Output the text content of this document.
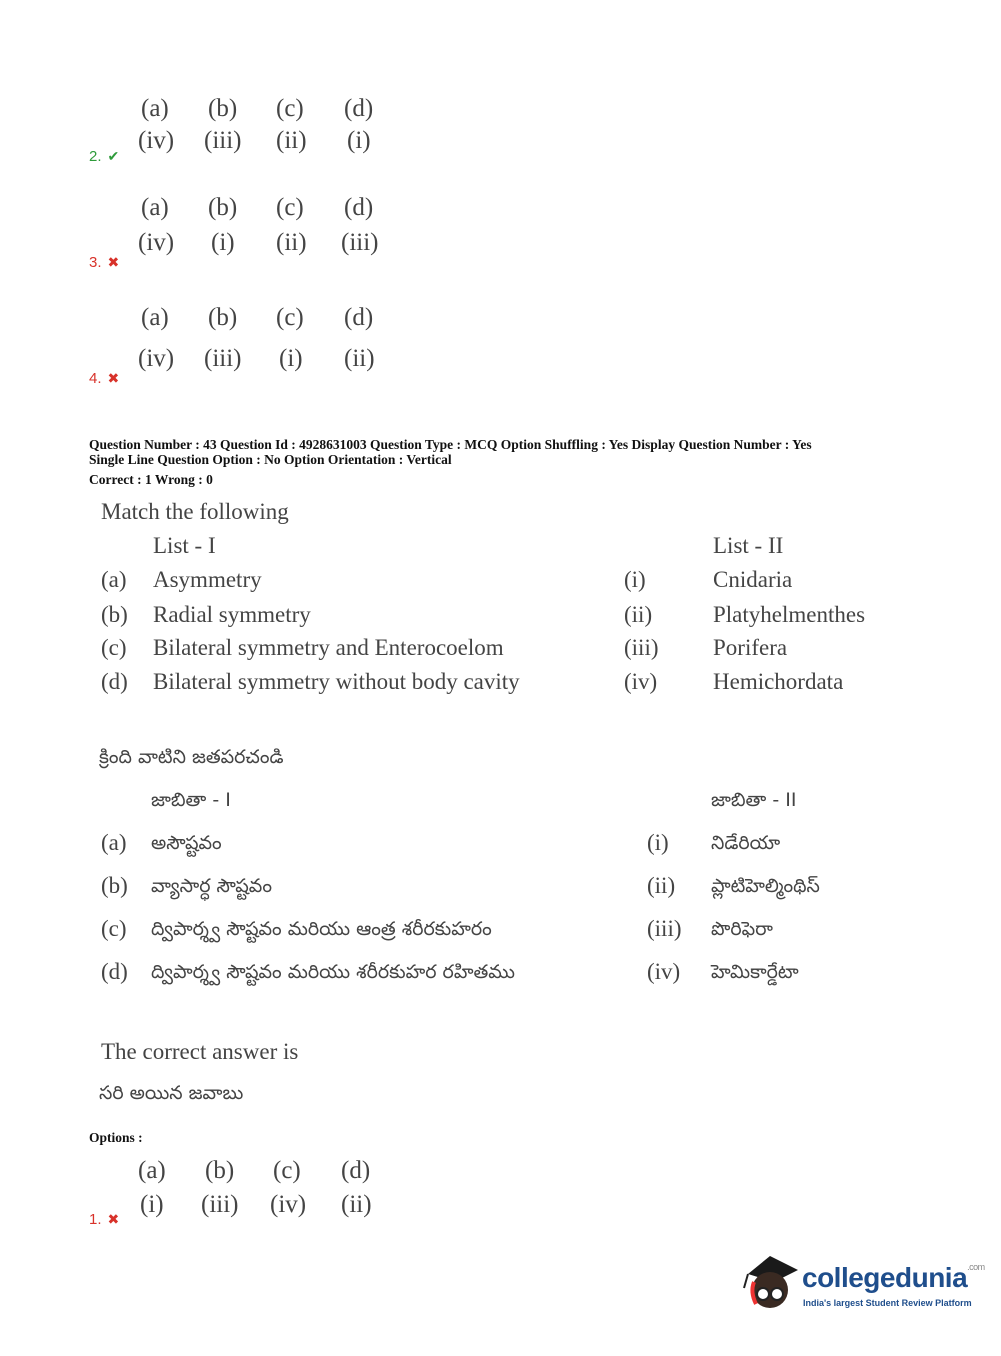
(a) (b) (c) (d)
(iv) (iii) (ii) (i)
2. ✔
(a) (b) (c) (d)
(iv) (i) (ii) (iii)
3. ✖
(a) (b) (c) (d)
(iv) (iii) (i) (ii)
4. ✖
Question Number : 43 Question Id : 4928631003 Question Type : MCQ Option Shuffling : Yes Display Question Number : Yes
Single Line Question Option : No Option Orientation : Vertical
Correct : 1 Wrong : 0
Match the following
List - I	List - II
(a) Asymmetry	(i)	Cnidaria
(b) Radial symmetry	(ii)	Platyhelmenthes
(c) Bilateral symmetry and Enterocoelom	(iii) Porifera
(d) Bilateral symmetry without body cavity	(iv) Hemichordata
క్రింది వాటిని జతపరచండి
జాబితా - I	జాబితా - II
(a) అసౌష్టవం	(i) నిడేరియా
(b) వ్యాసార్ధ సౌష్టవం	(ii) ప్లాటిహెల్మింథిస్
(c) ద్విపార్శ్వ సౌష్టవం మరియు ఆంత్ర శరీరకుహరం	(iii) పొరిఫెరా
(d) ద్విపార్శ్వ సౌష్టవం మరియు శరీరకుహర రహితము	(iv) హెమికార్డేటా
The correct answer is
సరి అయిన జవాబు
Options :
(a) (b) (c) (d)
(i) (iii) (iv) (ii)
1. ✖
collegedunia$^{.com}$
India's largest Student Review Platform
